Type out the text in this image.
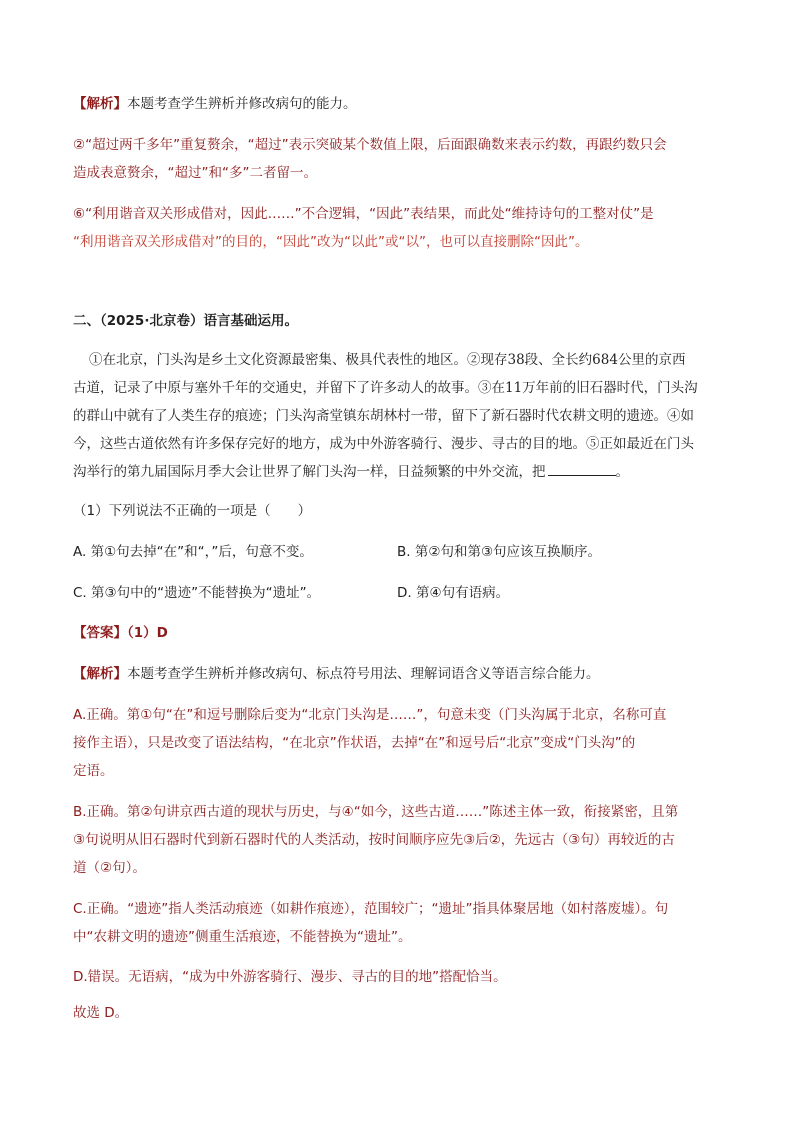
【解析】本题考查学生辨析并修改病句的能力。

②“超过两千多年”重复赘余，“超过”表示突破某个数值上限，后面跟确数来表示约数，再跟约数只会

造成表意赘余，“超过”和“多”二者留一。

⑥“利用谐音双关形成借对，因此……”不合逻辑，“因此”表结果，而此处“维持诗句的工整对仗”是

“利用谐音双关形成借对”的目的，“因此”改为“以此”或“以”，也可以直接删除“因此”。

二、（2025·北京卷）语言基础运用。

①在北京，门头沟是乡土文化资源最密集、极具代表性的地区。②现存38段、全长约684公里的京西

古道，记录了中原与塞外千年的交通史，并留下了许多动人的故事。③在11万年前的旧石器时代，门头沟

的群山中就有了人类生存的痕迹；门头沟斋堂镇东胡林村一带，留下了新石器时代农耕文明的遗迹。④如

今，这些古道依然有许多保存完好的地方，成为中外游客骑行、漫步、寻古的目的地。⑤正如最近在门头

沟举行的第九届国际月季大会让世界了解门头沟一样，日益频繁的中外交流，把	。

（1）下列说法不正确的一项是（　　）

A. 第①句去掉“在”和“，”后，句意不变。	B. 第②句和第③句应该互换顺序。
C. 第③句中的“遗迹”不能替换为“遗址”。	D. 第④句有语病。

【答案】（1）D

【解析】本题考查学生辨析并修改病句、标点符号用法、理解词语含义等语言综合能力。

A.正确。第①句“在”和逗号删除后变为“北京门头沟是……”，句意未变（门头沟属于北京，名称可直

接作主语），只是改变了语法结构，“在北京”作状语，去掉“在”和逗号后“北京”变成“门头沟”的

定语。

B.正确。第②句讲京西古道的现状与历史，与④“如今，这些古道……”陈述主体一致，衔接紧密，且第

③句说明从旧石器时代到新石器时代的人类活动，按时间顺序应先③后②，先远古（③句）再较近的古

道（②句）。

C.正确。“遗迹”指人类活动痕迹（如耕作痕迹），范围较广；“遗址”指具体聚居地（如村落废墟）。句

中“农耕文明的遗迹”侧重生活痕迹，不能替换为“遗址”。

D.错误。无语病，“成为中外游客骑行、漫步、寻古的目的地”搭配恰当。

故选 D。
